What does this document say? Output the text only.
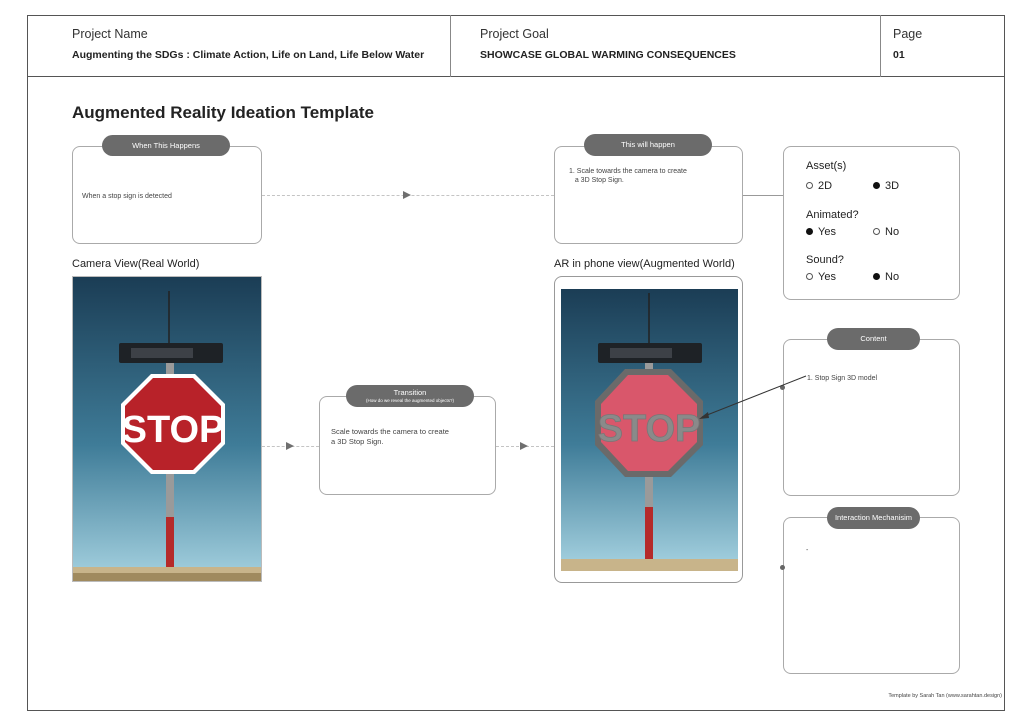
Project Name
Augmenting the SDGs : Climate Action, Life on Land, Life Below Water
Project Goal
SHOWCASE GLOBAL WARMING CONSEQUENCES
Page
01
Augmented Reality Ideation Template
When a stop sign is detected
When This Happens
1. Scale towards the camera to create
a 3D Stop Sign.
This will happen
Asset(s)
2D	3D
Animated?
Yes	No
Sound?
Yes	No
Camera View(Real World)	AR in phone view(Augmented World)
STOP	Scale towards the camera to create
a 3D Stop Sign.
Transition
(How do we reveal the augmented objects?)
STOP
1. Stop Sign 3D model
Content
-
Interaction Mechanisim
Template by Sarah Tan (www.sarahtan.design)
